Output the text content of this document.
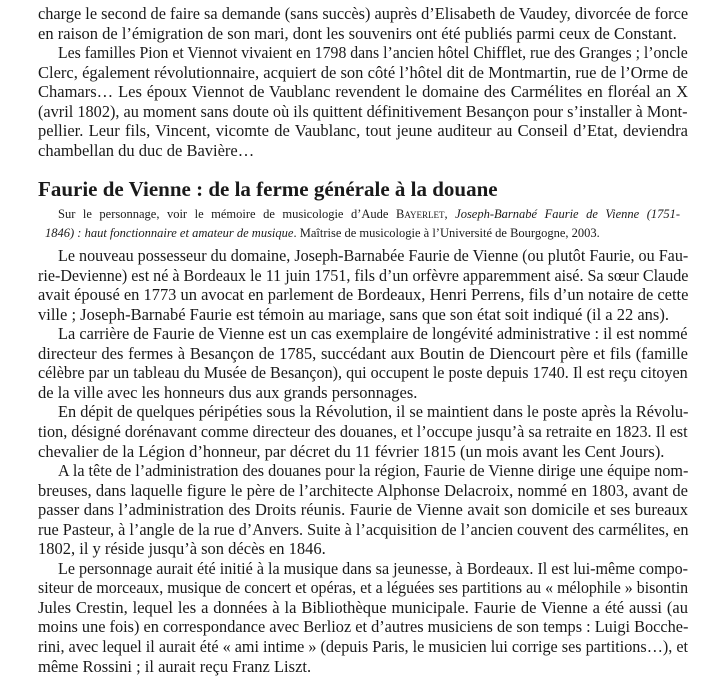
Faurie de Vienne : de la ferme générale à la douane
Sur le personnage, voir le mémoire de musicologie d’Aude Bayerlet, Joseph-Barnabé Faurie de Vienne (1751-
1846) : haut fonctionnaire et amateur de musique. Maîtrise de musicologie à l’Université de Bourgogne, 2003.
charge le second de faire sa demande (sans succès) auprès d’Elisabeth de Vaudey, divorcée de force
en raison de l’émigration de son mari, dont les souvenirs ont été publiés parmi ceux de Constant.
Les familles Pion et Viennot vivaient en 1798 dans l’ancien hôtel Chifflet, rue des Granges ; l’oncle
Clerc, également révolutionnaire, acquiert de son côté l’hôtel dit de Montmartin, rue de l’Orme de
Chamars… Les époux Viennot de Vaublanc revendent le domaine des Carmélites en floréal an X
(avril 1802), au moment sans doute où ils quittent définitivement Besançon pour s’installer à Mont-
pellier. Leur fils, Vincent, vicomte de Vaublanc, tout jeune auditeur au Conseil d’Etat, deviendra
chambellan du duc de Bavière…
Le nouveau possesseur du domaine, Joseph-Barnabée Faurie de Vienne (ou plutôt Faurie, ou Fau-
rie-Devienne) est né à Bordeaux le 11 juin 1751, fils d’un orfèvre apparemment aisé. Sa sœur Claude
avait épousé en 1773 un avocat en parlement de Bordeaux, Henri Perrens, fils d’un notaire de cette
ville ; Joseph-Barnabé Faurie est témoin au mariage, sans que son état soit indiqué (il a 22 ans).
La carrière de Faurie de Vienne est un cas exemplaire de longévité administrative : il est nommé
directeur des fermes à Besançon de 1785, succédant aux Boutin de Diencourt père et fils (famille
célèbre par un tableau du Musée de Besançon), qui occupent le poste depuis 1740. Il est reçu citoyen
de la ville avec les honneurs dus aux grands personnages.
En dépit de quelques péripéties sous la Révolution, il se maintient dans le poste après la Révolu-
tion, désigné dorénavant comme directeur des douanes, et l’occupe jusqu’à sa retraite en 1823. Il est
chevalier de la Légion d’honneur, par décret du 11 février 1815 (un mois avant les Cent Jours).
A la tête de l’administration des douanes pour la région, Faurie de Vienne dirige une équipe nom-
breuses, dans laquelle figure le père de l’architecte Alphonse Delacroix, nommé en 1803, avant de
passer dans l’administration des Droits réunis. Faurie de Vienne avait son domicile et ses bureaux
rue Pasteur, à l’angle de la rue d’Anvers. Suite à l’acquisition de l’ancien couvent des carmélites, en
1802, il y réside jusqu’à son décès en 1846.
Le personnage aurait été initié à la musique dans sa jeunesse, à Bordeaux. Il est lui-même compo-
siteur de morceaux, musique de concert et opéras, et a léguées ses partitions au « mélophile » bisontin
Jules Crestin, lequel les a données à la Bibliothèque municipale. Faurie de Vienne a été aussi (au
moins une fois) en correspondance avec Berlioz et d’autres musiciens de son temps : Luigi Bocche-
rini, avec lequel il aurait été « ami intime » (depuis Paris, le musicien lui corrige ses partitions…), et
même Rossini ; il aurait reçu Franz Liszt.
